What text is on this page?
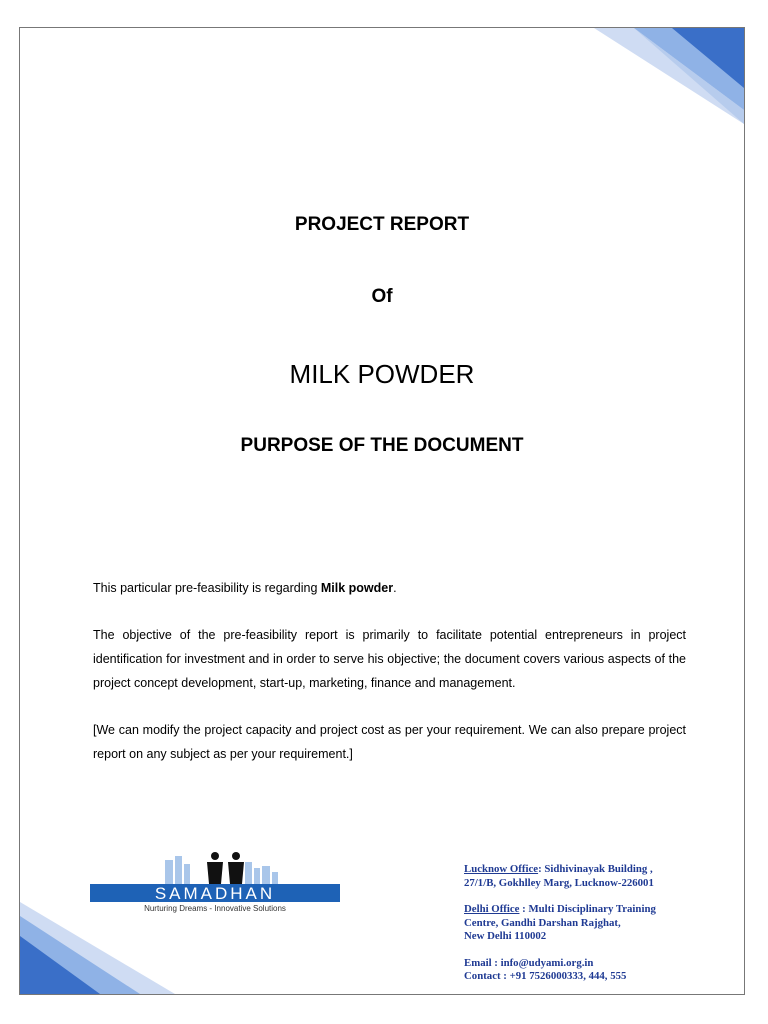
PROJECT REPORT
Of
MILK POWDER
PURPOSE OF THE DOCUMENT
This particular pre-feasibility is regarding Milk powder.
The objective of the pre-feasibility report is primarily to facilitate potential entrepreneurs in project identification for investment and in order to serve his objective; the document covers various aspects of the project concept development, start-up, marketing, finance and management.
[We can modify the project capacity and project cost as per your requirement. We can also prepare project report on any subject as per your requirement.]
SAMADHAN
Nurturing Dreams - Innovative Solutions
Lucknow Office: Sidhivinayak Building ,
27/1/B, Gokhlley Marg, Lucknow-226001
Delhi Office : Multi Disciplinary Training
Centre, Gandhi Darshan Rajghat,
New Delhi 110002
Email : info@udyami.org.in
Contact : +91 7526000333, 444, 555
